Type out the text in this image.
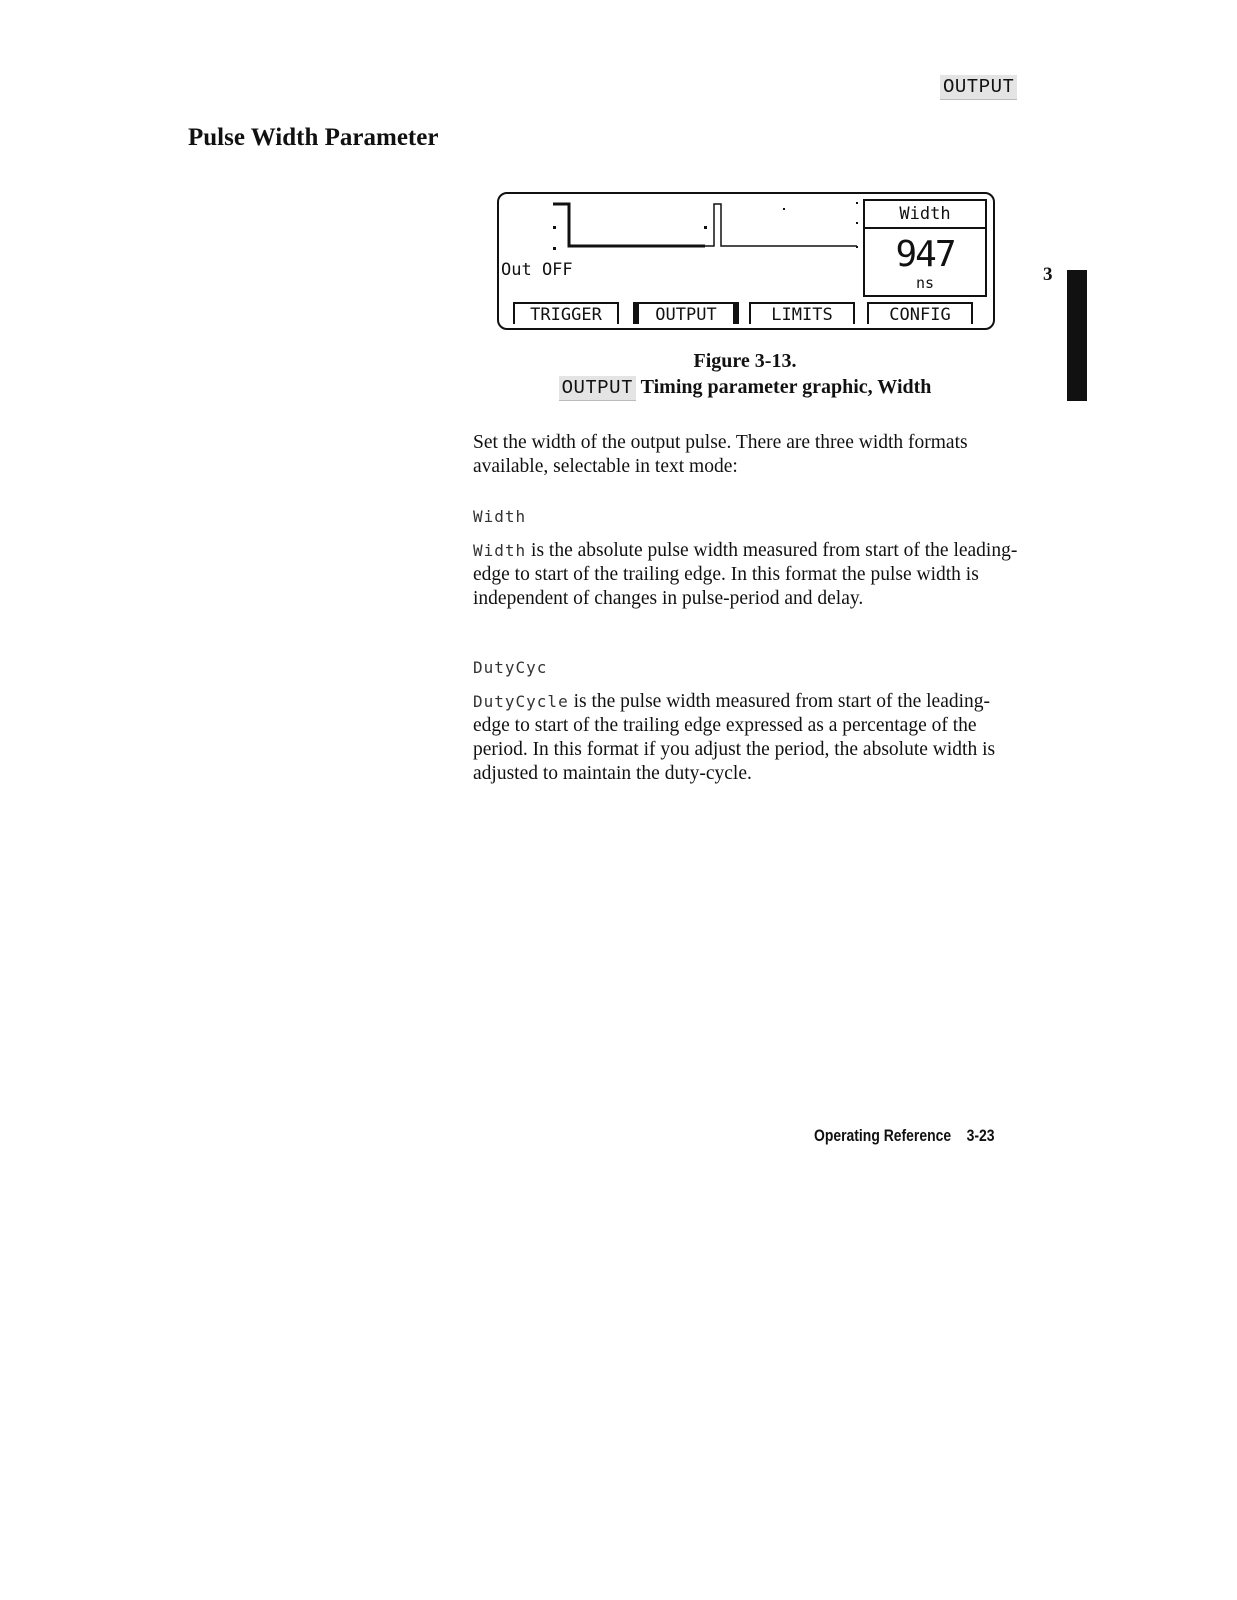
OUTPUT
Pulse Width Parameter
Out OFF
Width
947
ns
TRIGGER	OUTPUT	LIMITS	CONFIG
Figure 3-13.
OUTPUT Timing parameter graphic, Width
Set the width of the output pulse. There are three width formats available, selectable in text mode:
Width
Width is the absolute pulse width measured from start of the leading-edge to start of the trailing edge. In this format the pulse width is independent of changes in pulse-period and delay.
DutyCyc
DutyCycle is the pulse width measured from start of the leading-edge to start of the trailing edge expressed as a percentage of the period. In this format if you adjust the period, the absolute width is adjusted to maintain the duty-cycle.
3
Operating Reference 3-23
